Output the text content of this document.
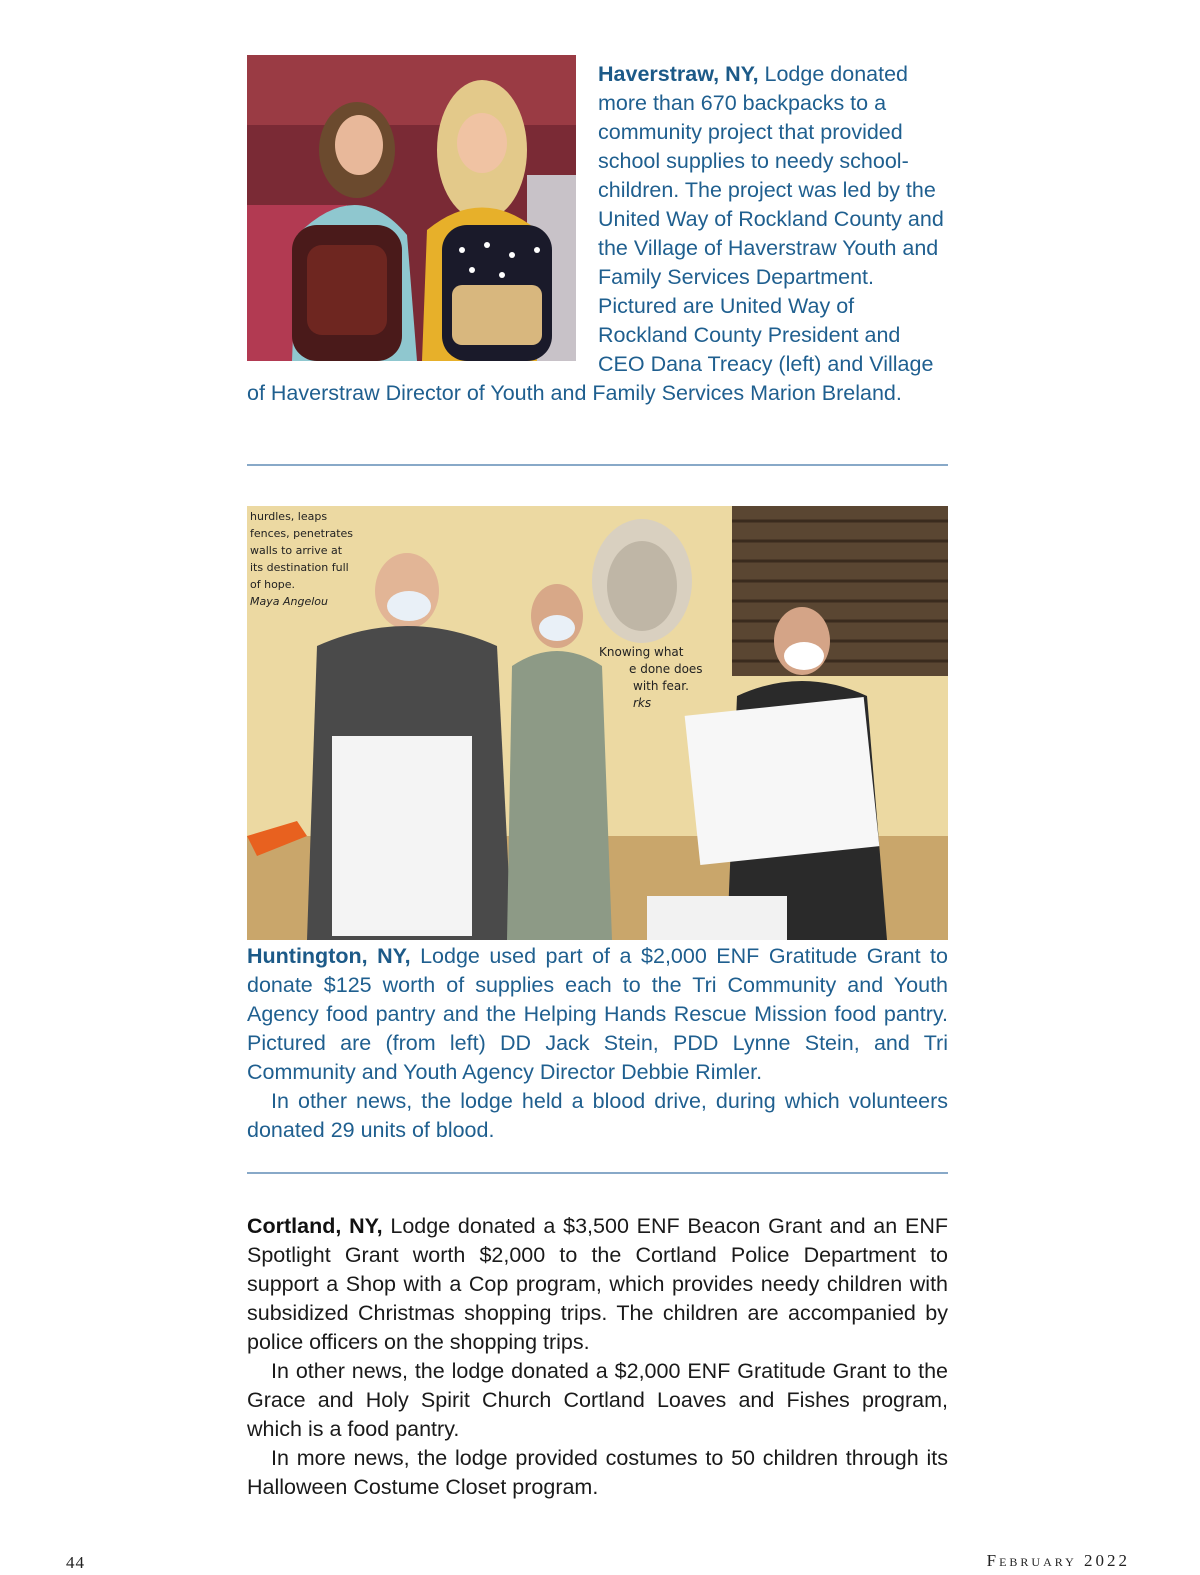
Haverstraw, NY, Lodge donated more than 670 backpacks to a community project that provided school supplies to needy school-children. The project was led by the United Way of Rockland County and the Village of Haverstraw Youth and Family Services Department. Pictured are United Way of Rockland County President and CEO Dana Treacy (left) and Village of Haverstraw Director of Youth and Family Services Marion Breland.
hurdles, leaps
fences, penetrates
walls to arrive at
its destination full
of hope.
Maya Angelou
Knowing what
e done does
with fear.
rks

Huntington, NY, Lodge used part of a $2,000 ENF Gratitude Grant to donate $125 worth of supplies each to the Tri Community and Youth Agency food pantry and the Helping Hands Rescue Mission food pantry. Pictured are (from left) DD Jack Stein, PDD Lynne Stein, and Tri Community and Youth Agency Director Debbie Rimler.

In other news, the lodge held a blood drive, during which volunteers donated 29 units of blood.

Cortland, NY, Lodge donated a $3,500 ENF Beacon Grant and an ENF Spotlight Grant worth $2,000 to the Cortland Police Department to support a Shop with a Cop program, which provides needy children with subsidized Christmas shopping trips. The children are accompanied by police officers on the shopping trips.

In other news, the lodge donated a $2,000 ENF Gratitude Grant to the Grace and Holy Spirit Church Cortland Loaves and Fishes program, which is a food pantry.

In more news, the lodge provided costumes to 50 children through its Halloween Costume Closet program.

44	February 2022
